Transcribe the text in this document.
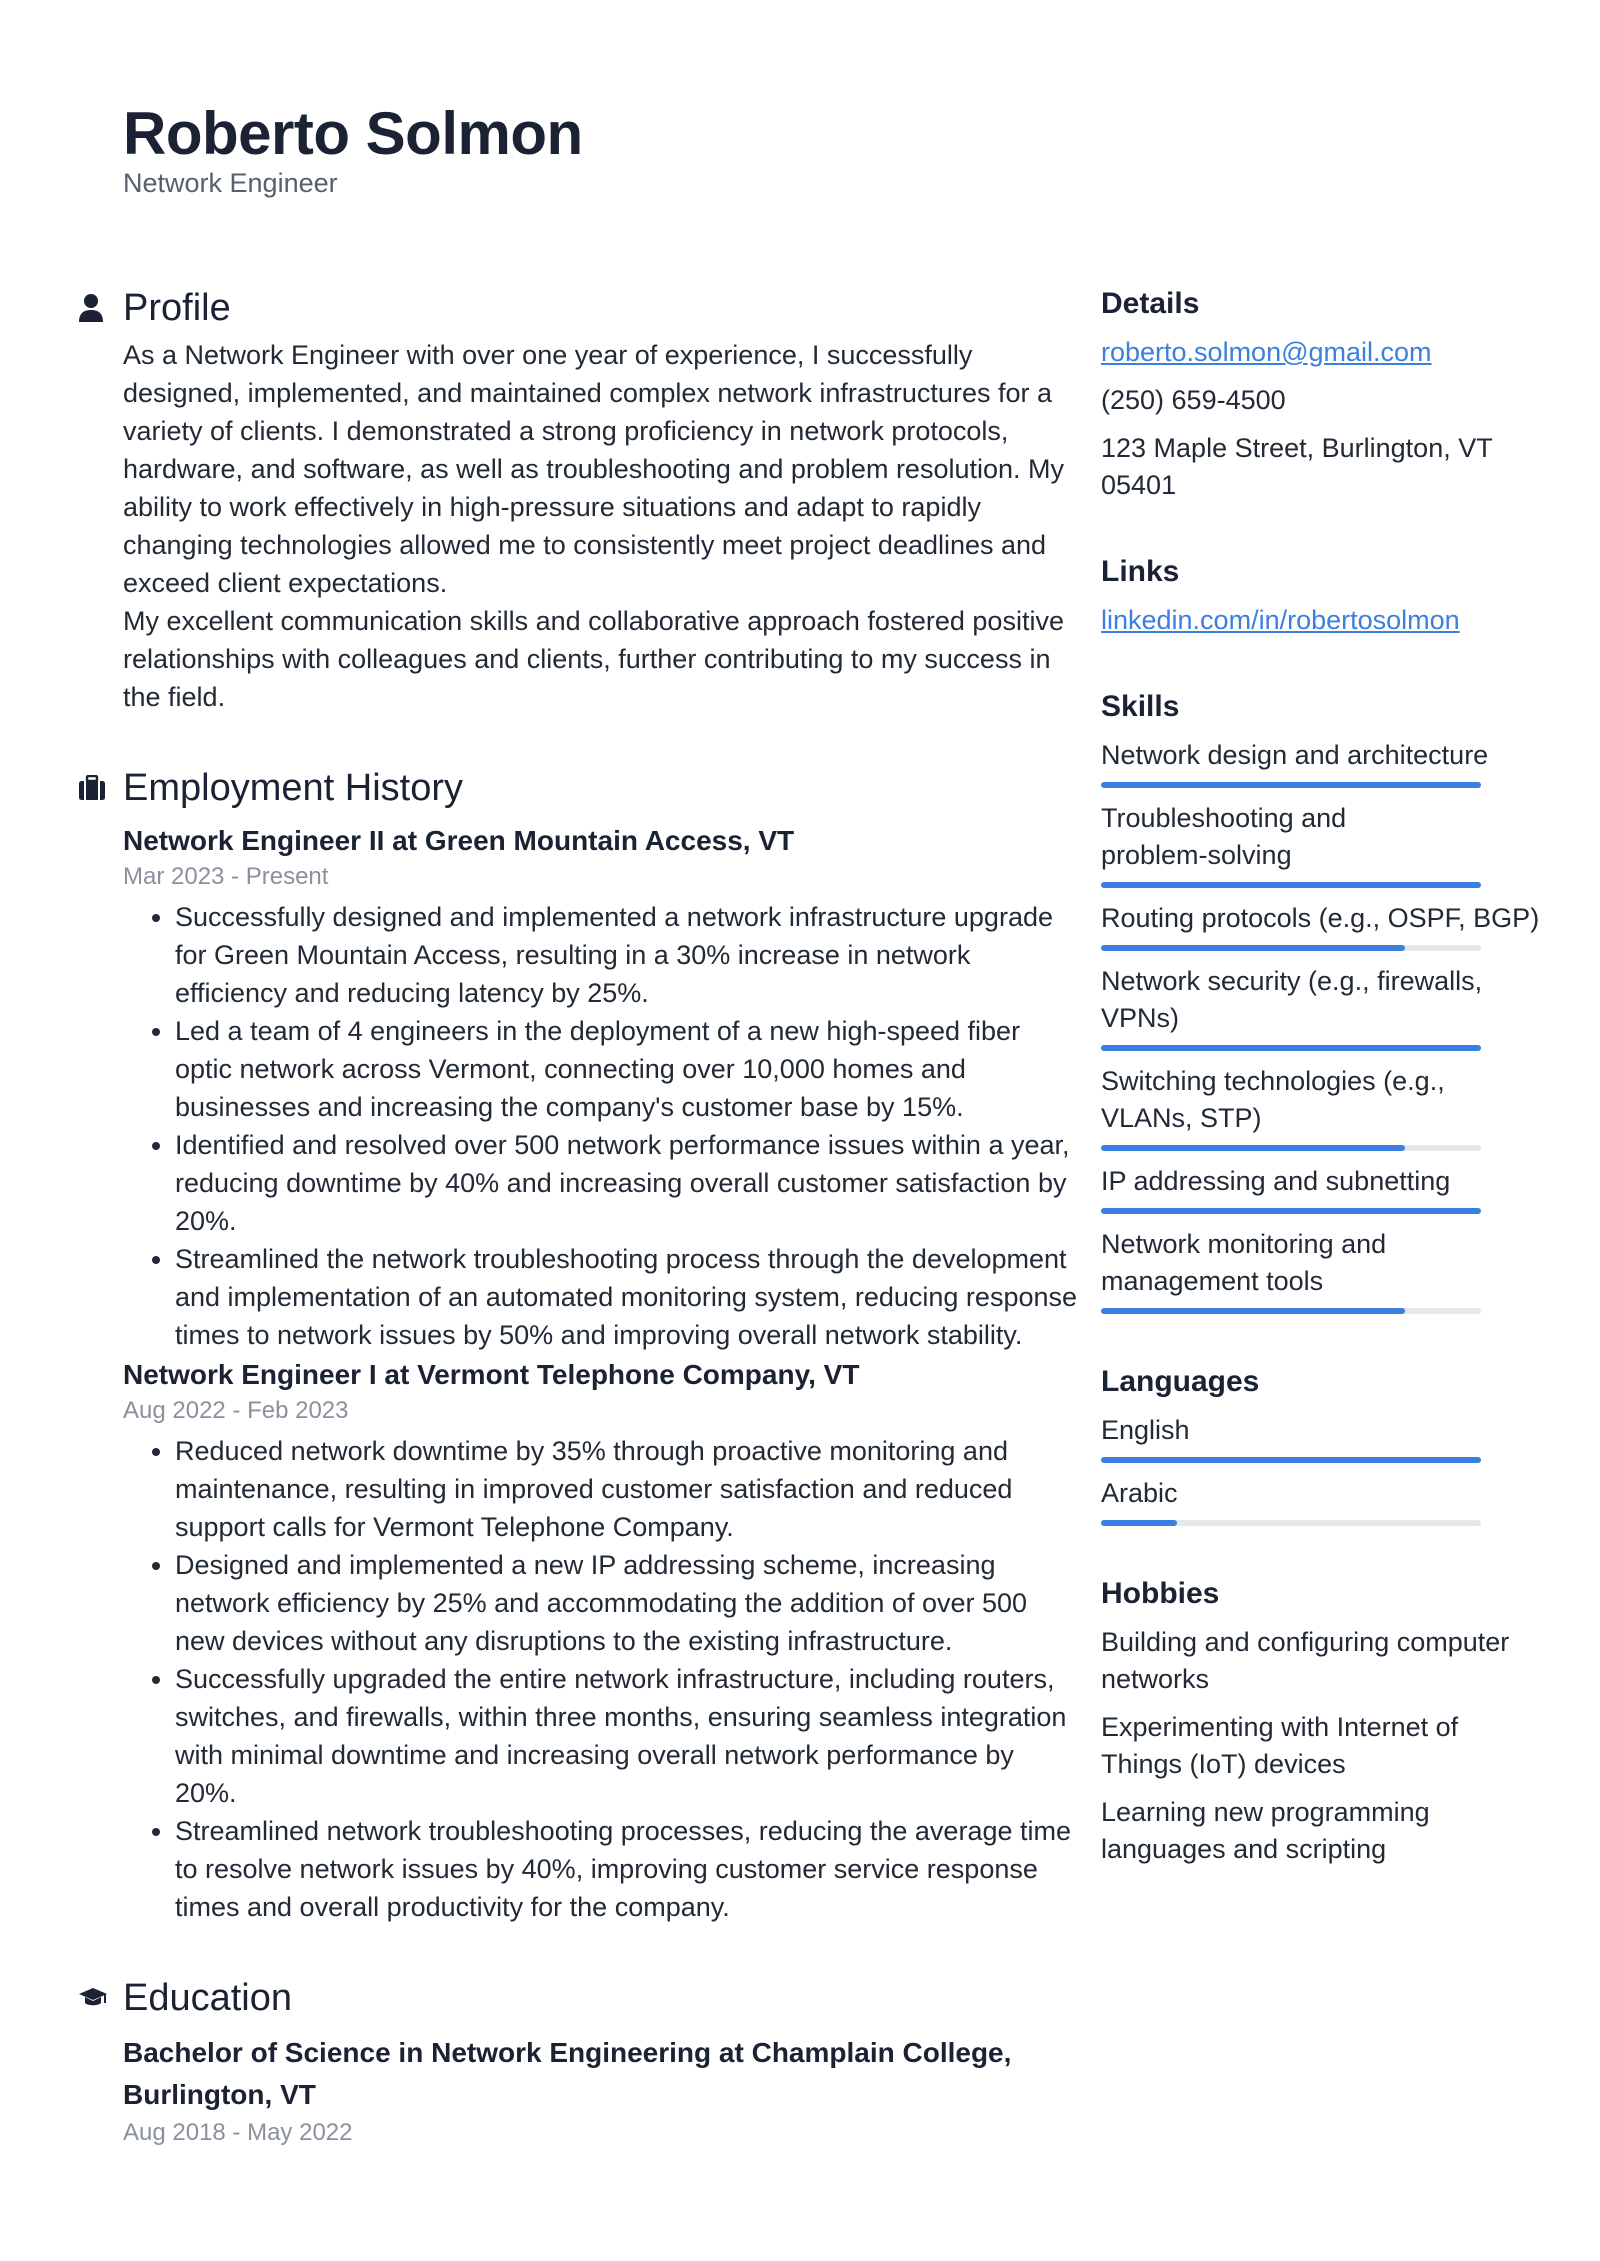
Roberto Solmon
Network Engineer
Profile
As a Network Engineer with over one year of experience, I successfully designed, implemented, and maintained complex network infrastructures for a variety of clients. I demonstrated a strong proficiency in network protocols, hardware, and software, as well as troubleshooting and problem resolution. My ability to work effectively in high-pressure situations and adapt to rapidly changing technologies allowed me to consistently meet project deadlines and exceed client expectations.
My excellent communication skills and collaborative approach fostered positive relationships with colleagues and clients, further contributing to my success in the field.
Employment History
Network Engineer II at Green Mountain Access, VT
Mar 2023 - Present
• Successfully designed and implemented a network infrastructure upgrade for Green Mountain Access, resulting in a 30% increase in network efficiency and reducing latency by 25%.
• Led a team of 4 engineers in the deployment of a new high-speed fiber optic network across Vermont, connecting over 10,000 homes and businesses and increasing the company's customer base by 15%.
• Identified and resolved over 500 network performance issues within a year, reducing downtime by 40% and increasing overall customer satisfaction by 20%.
• Streamlined the network troubleshooting process through the development and implementation of an automated monitoring system, reducing response times to network issues by 50% and improving overall network stability.
Network Engineer I at Vermont Telephone Company, VT
Aug 2022 - Feb 2023
• Reduced network downtime by 35% through proactive monitoring and maintenance, resulting in improved customer satisfaction and reduced support calls for Vermont Telephone Company.
• Designed and implemented a new IP addressing scheme, increasing network efficiency by 25% and accommodating the addition of over 500 new devices without any disruptions to the existing infrastructure.
• Successfully upgraded the entire network infrastructure, including routers, switches, and firewalls, within three months, ensuring seamless integration with minimal downtime and increasing overall network performance by 20%.
• Streamlined network troubleshooting processes, reducing the average time to resolve network issues by 40%, improving customer service response times and overall productivity for the company.
Education
Bachelor of Science in Network Engineering at Champlain College, Burlington, VT
Aug 2018 - May 2022
Details
roberto.solmon@gmail.com
(250) 659-4500
123 Maple Street, Burlington, VT 05401
Links
linkedin.com/in/robertosolmon
Skills
Network design and architecture
Troubleshooting and problem-solving
Routing protocols (e.g., OSPF, BGP)
Network security (e.g., firewalls, VPNs)
Switching technologies (e.g., VLANs, STP)
IP addressing and subnetting
Network monitoring and management tools
Languages
English
Arabic
Hobbies
Building and configuring computer networks
Experimenting with Internet of Things (IoT) devices
Learning new programming languages and scripting
